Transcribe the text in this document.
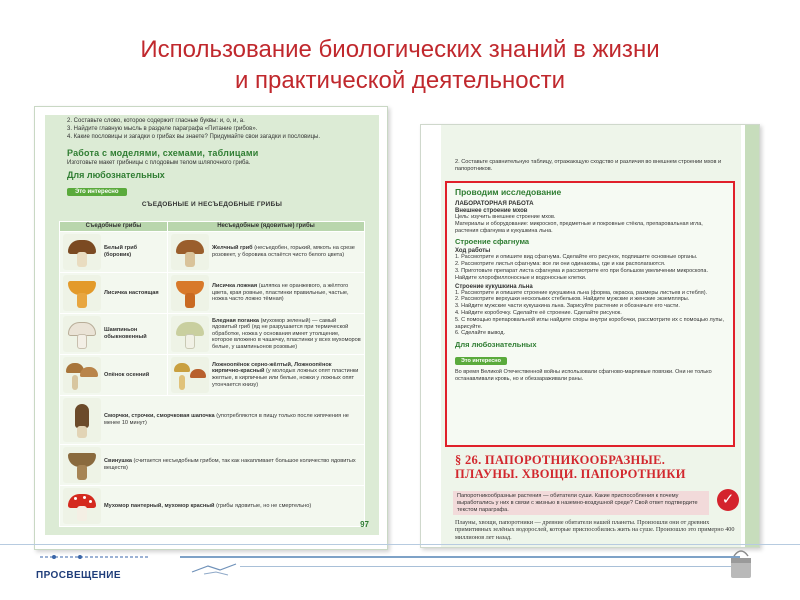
Использование биологических знаний в жизни
и практической деятельности
2. Составьте слово, которое содержит гласные буквы: и, о, и, а.
3. Найдите главную мысль в разделе параграфа «Питание грибов».
4. Какие пословицы и загадки о грибах вы знаете? Придумайте свои загадки и пословицы.
Работа с моделями, схемами, таблицами
Изготовьте макет грибницы с плодовым телом шляпочного гриба.
Для любознательных
Это интересно
СЪЕДОБНЫЕ И НЕСЪЕДОБНЫЕ ГРИБЫ
Съедобные грибы	Несъедобные (ядовитые) грибы

Белый гриб (боровик)	Желчный гриб (несъедобен, горький, мякоть на срезе розовеет, у боровика остаётся чисто белого цвета)

Лисичка настоящая	Лисичка ложная (шляпка не оранжевого, а жёлтого цвета, края ровные, пластинки правильные, частые, ножка часто ложно тёмная)

Шампиньон обыкновенный	Бледная поганка (мухомор зеленый) — самый ядовитый гриб (яд не разрушается при термической обработке, ножка у основания имеет утолщение, которое вложено в чашечку, пластинки у всех мухоморов белые, у шампиньонов розовые)

Опёнок осенний	Ложноопёнок серно-жёлтый, Ложноопёнок кирпично-красный (у молодых ложных опят пластинки желтые, в кирпичные или белые, ножки у ложных опят утончается книзу)

Сморчки, строчки, сморчковая шапочка (употребляются в пищу только после кипячения не менее 10 минут)	

Свинушка (считается несъедобным грибом, так как накапливает большое количество ядовитых веществ)	

Мухомор пантерный, мухомор красный (грибы ядовитые, но не смертельно)	
97
2. Составьте сравнительную таблицу, отражающую сходство и различия во внешнем строении мхов и папоротников.
Проводим исследование
ЛАБОРАТОРНАЯ РАБОТА
Внешнее строение мхов
Цель: изучить внешнее строение мхов.
Материалы и оборудование: микроскоп, предметные и покровные стёкла, препаровальная игла, растения сфагнума и кукушкина льна.
Строение сфагнума
Ход работы
1. Рассмотрите и опишите вид сфагнума. Сделайте его рисунок, подпишите основные органы.
2. Рассмотрите листья сфагнума: все ли они одинаковы, где и как располагаются.
3. Приготовьте препарат листа сфагнума и рассмотрите его при большом увеличении микроскопа. Найдите хлорофиллоносные и водоносные клетки.
Строение кукушкина льна
1. Рассмотрите и опишите строение кукушкина льна (форма, окраска, размеры листьев и стебля).
2. Рассмотрите верхушки нескольких стебельков. Найдите мужские и женские экземпляры.
3. Найдите мужские части кукушкина льна. Зарисуйте растение и обозначьте его части.
4. Найдите коробочку. Сделайте её строение. Сделайте рисунок.
5. С помощью препаровальной иглы найдите споры внутри коробочки, рассмотрите их с помощью лупы, зарисуйте.
6. Сделайте вывод.
Для любознательных
Это интересно
Во время Великой Отечественной войны использовали сфагново-марлевые повязки. Они не только останавливали кровь, но и обеззараживали раны.
§ 26. ПАПОРОТНИКООБРАЗНЫЕ. ПЛАУНЫ. ХВОЩИ. ПАПОРОТНИКИ
Папоротникообразные растения — обитатели суши. Какие приспособления к почему выработались у них в связи с жизнью в наземно-воздушной среде? Свой ответ подтвердите текстом параграфа.
✓
Плауны, хвощи, папоротники — древние обитатели нашей планеты. Произошли они от древних примитивных зелёных водорослей, которые приспособились жить на суше. Произошло это примерно 400 миллионов лет назад.
ПРОСВЕЩЕНИЕ
